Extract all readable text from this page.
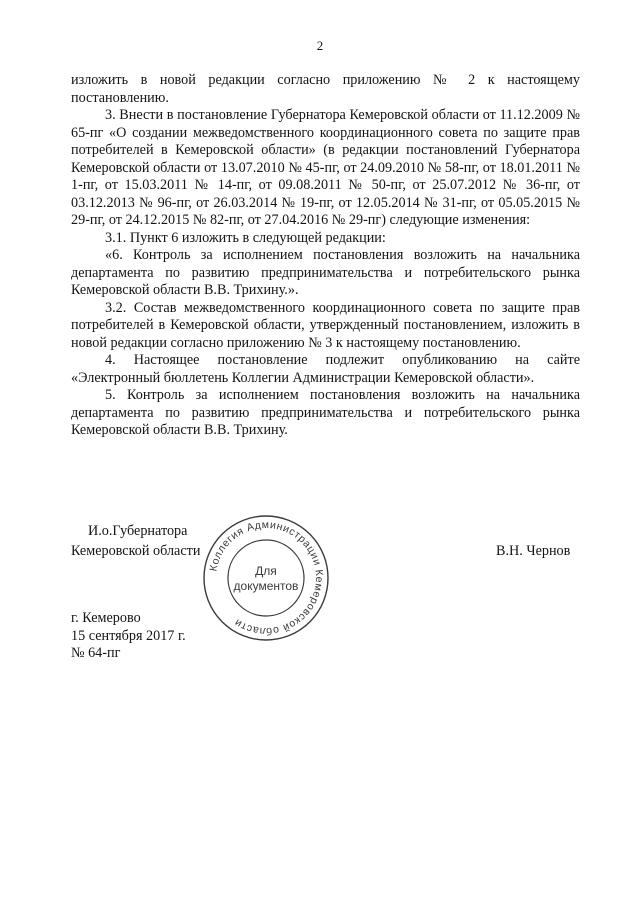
2

изложить в новой редакции согласно приложению № 2 к настоящему постановлению.

3. Внести в постановление Губернатора Кемеровской области от 11.12.2009 № 65-пг «О создании межведомственного координационного совета по защите прав потребителей в Кемеровской области» (в редакции постановлений Губернатора Кемеровской области от 13.07.2010 № 45-пг, от 24.09.2010 № 58-пг, от 18.01.2011 № 1-пг, от 15.03.2011 № 14-пг, от 09.08.2011 № 50-пг, от 25.07.2012 № 36-пг, от 03.12.2013 № 96-пг, от 26.03.2014 № 19-пг, от 12.05.2014 № 31-пг, от 05.05.2015 № 29-пг, от 24.12.2015 № 82-пг, от 27.04.2016 № 29-пг) следующие изменения:

3.1. Пункт 6 изложить в следующей редакции:

«6. Контроль за исполнением постановления возложить на начальника департамента по развитию предпринимательства и потребительского рынка Кемеровской области В.В. Трихину.».

3.2. Состав межведомственного координационного совета по защите прав потребителей в Кемеровской области, утвержденный постановлением, изложить в новой редакции согласно приложению № 3 к настоящему постановлению.

4. Настоящее постановление подлежит опубликованию на сайте «Электронный бюллетень Коллегии Администрации Кемеровской области».

5. Контроль за исполнением постановления возложить на начальника департамента по развитию предпринимательства и потребительского рынка Кемеровской области В.В. Трихину.

И.о.Губернатора
Кемеровской области	В.Н. Чернов
Коллегия Администрации Кемеровской области
Для
документов
г. Кемерово
15 сентября 2017 г.
№ 64-пг
